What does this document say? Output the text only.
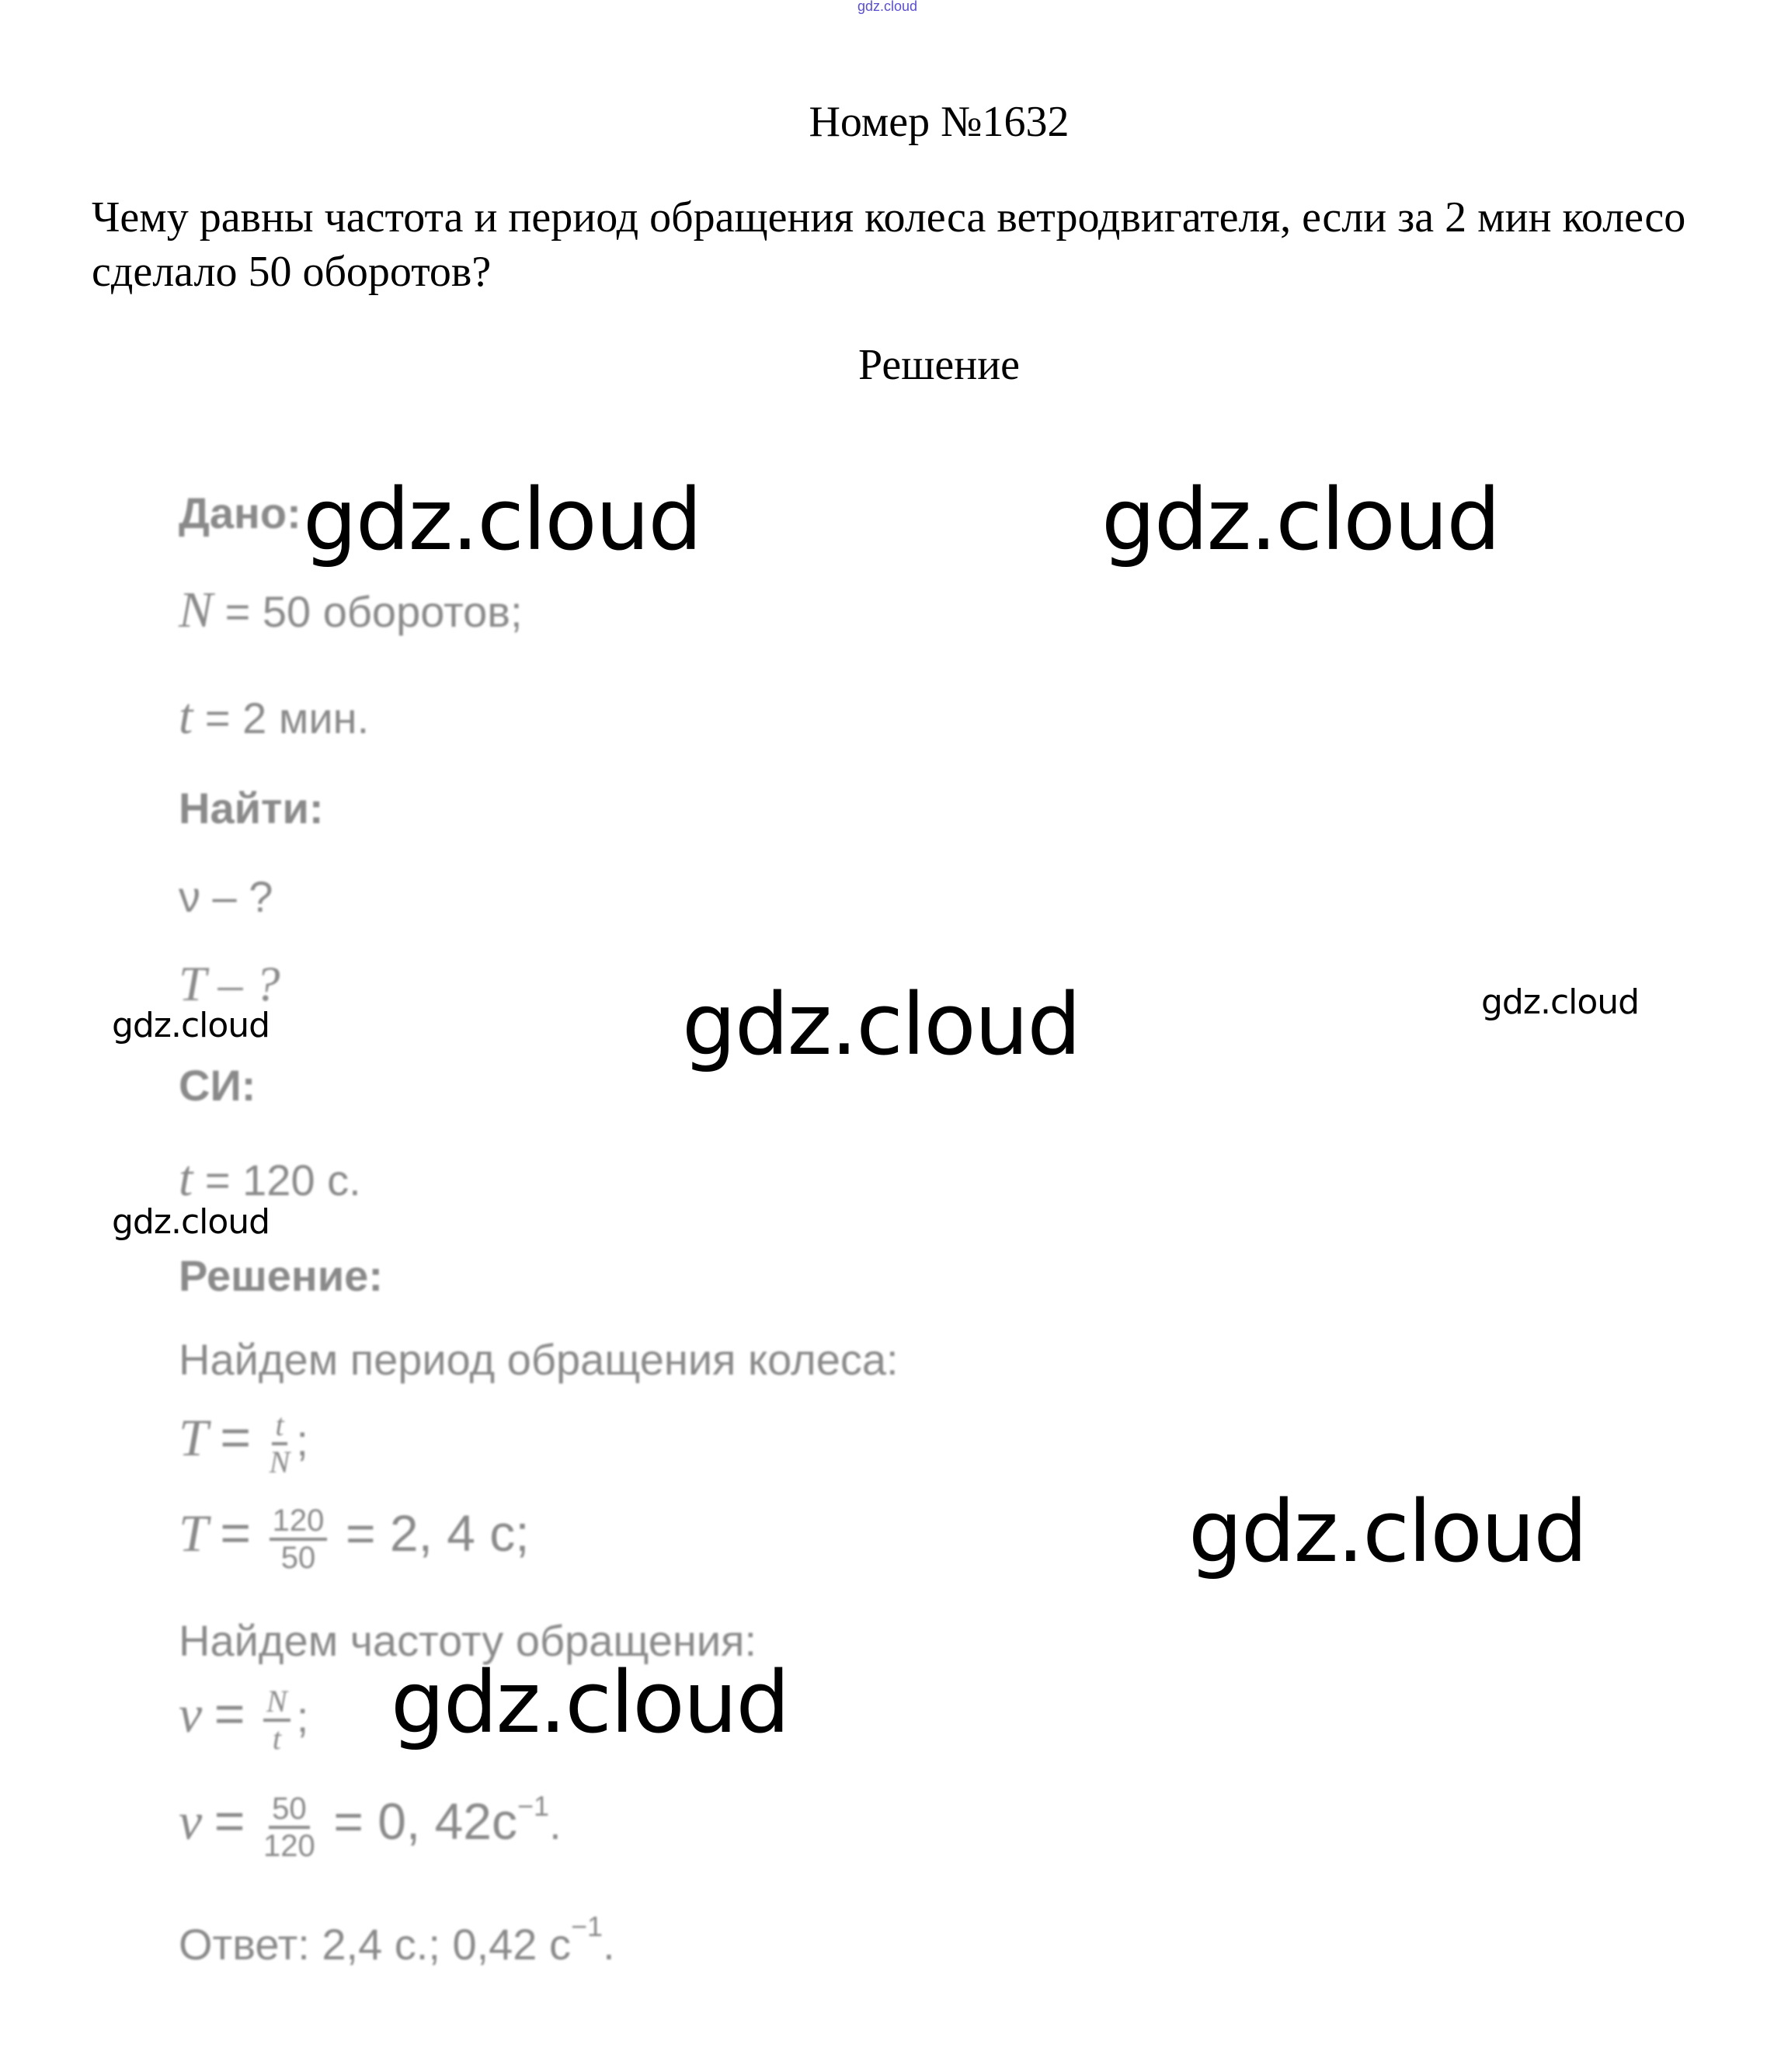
gdz.cloud
Номер №1632
Чему равны частота и период обращения колеса ветродвигателя, если за 2 мин колесо сделало 50 оборотов?
Решение
Дано:
N = 50 оборотов;
t = 2 мин.
Найти:
ν – ?
T – ?
СИ:
t = 120 с.
Решение:
Найдем период обращения колеса:
$T = \frac{t}{N}$ ;
$T = \frac{120}{50} = 2$, 4 с;
Найдем частоту обращения:
$\nu = \frac{N}{t}$ ;
$\nu = \frac{50}{120} = 0$, $42с^{-1}$.
Ответ: 2,4 с.; 0,42 $с^{-1}$.
gdz.cloud	gdz.cloud
gdz.cloud	gdz.cloud
gdz.cloud
gdz.cloud
gdz.cloud
gdz.cloud
